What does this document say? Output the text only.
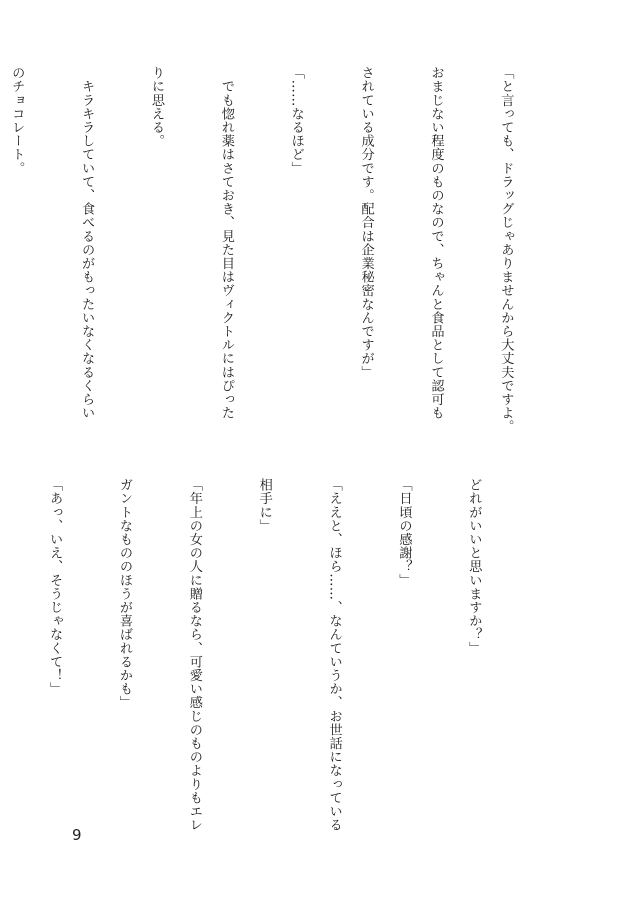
「と言っても、ドラッグじゃありませんから大丈夫ですよ。

おまじない程度のものなので、ちゃんと食品として認可も

されている成分です。配合は企業秘密なんですが」

「……なるほど」

　でも惚れ薬はさておき、見た目はヴィクトルにはぴった

りに思える。

　キラキラしていて、食べるのがもったいなくなるくらい

のチョコレート。

どれがいいと思いますか？」

「日頃の感謝？」

「ええと、ほら……、なんていうか、お世話になっている

相手に」

「年上の女の人に贈るなら、可愛い感じのものよりもエレ

ガントなもののほうが喜ばれるかも」

「あっ、いえ、そうじゃなくて！」

9
